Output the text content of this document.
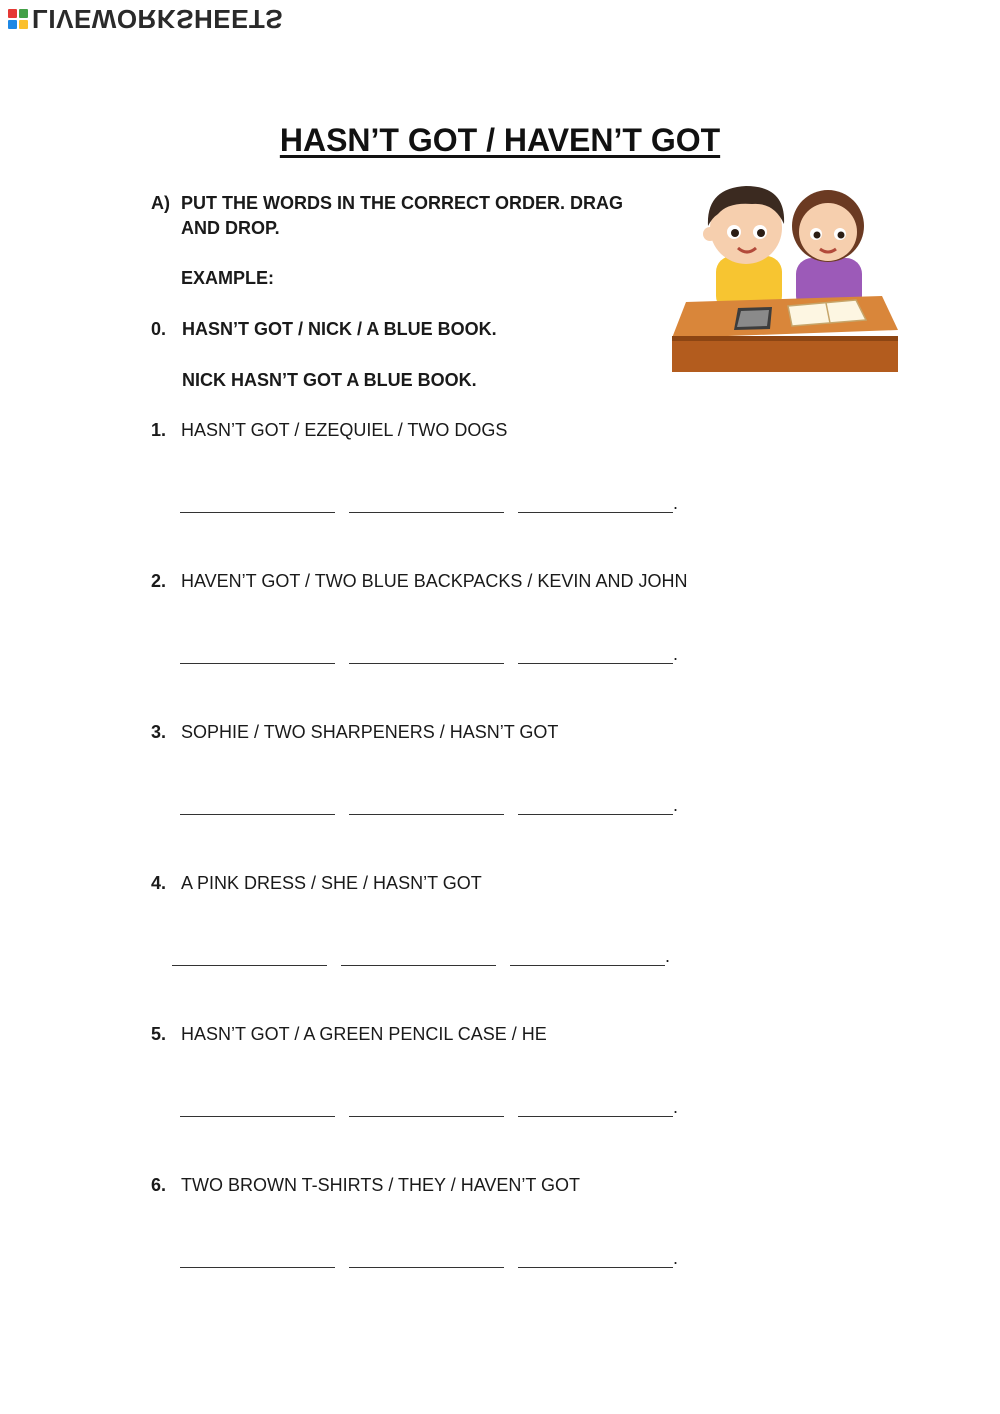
LIVEWORKSHEETS
HASN’T GOT / HAVEN’T GOT
A) PUT THE WORDS IN THE CORRECT ORDER. DRAG AND DROP.
EXAMPLE:
0. HASN’T GOT / NICK / A BLUE BOOK.
NICK HASN’T GOT A BLUE BOOK.
1. HASN’T GOT / EZEQUIEL / TWO DOGS
.
2. HAVEN’T GOT / TWO BLUE BACKPACKS / KEVIN AND JOHN
.
3. SOPHIE / TWO SHARPENERS / HASN’T GOT
.
4. A PINK DRESS / SHE / HASN’T GOT
.
5. HASN’T GOT / A GREEN PENCIL CASE / HE
.
6. TWO BROWN T-SHIRTS / THEY / HAVEN’T GOT
.
